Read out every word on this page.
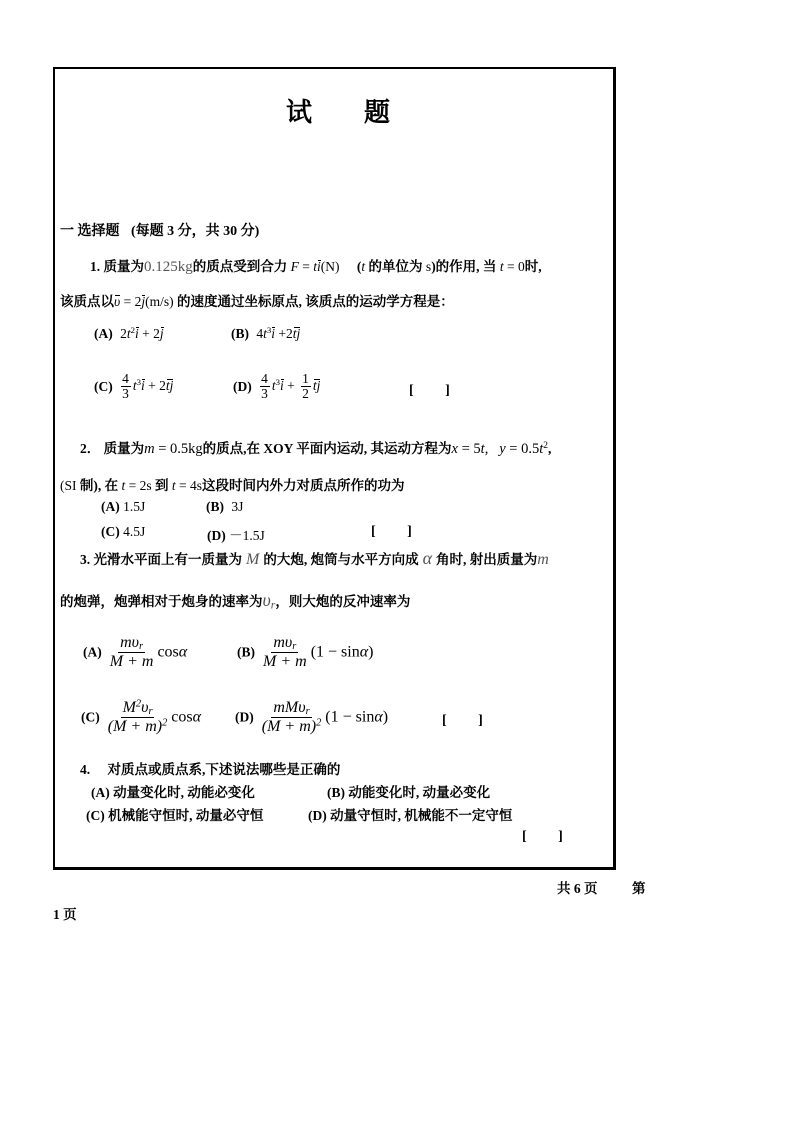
试　　题
一 选择题 (每题 3 分，共 30 分)
1. 质量为0.125kg的质点受到合力 F = ti(N) (t 的单位为 s)的作用, 当 t = 0时,
该质点以υ = 2j(m/s) 的速度通过坐标原点, 该质点的运动学方程是：
(A) $2t^2i + 2j$	(B) $4t^3i +2tj$
$(C) \frac{4}{3} t^3i + 2tj$	$(D) \frac{4}{3} t^3i + \frac{1}{2}$ tj	[ ]
2． 质量为m = 0.5kg的质点,在 XOY 平面内运动, 其运动方程为x = 5t,   $y = 0.5t^2$,
(SI 制), 在 t = 2s 到 t = 4s这段时间内外力对质点所作的功为
(A) 1.5J	(B) 3J
(C) 4.5J	(D) －1.5J	[ ]
3. 光滑水平面上有一质量为 M 的大炮, 炮筒与水平方向成 α 角时, 射出质量为m
的炮弹，炮弹相对于炮身的速率为$\upsilon_r$，则大炮的反冲速率为
$(A) \frac{m\upsilon_r}{M + m}$ cosα	$(B) \frac{m\upsilon_r}{M + m} (1 - \sin\alpha)$
$(C) \frac{M^2\upsilon_r}{(M + m)^2}$ cosα	$(D) \frac{mM\upsilon_r}{(M + m)^2} (1 - \sin\alpha)$	[ ]
4. 对质点或质点系,下述说法哪些是正确的
(A) 动量变化时, 动能必变化	(B) 动能变化时, 动量必变化
(C) 机械能守恒时, 动量必守恒	(D) 动量守恒时, 机械能不一定守恒
[ ]
共 6 页	第
1 页
